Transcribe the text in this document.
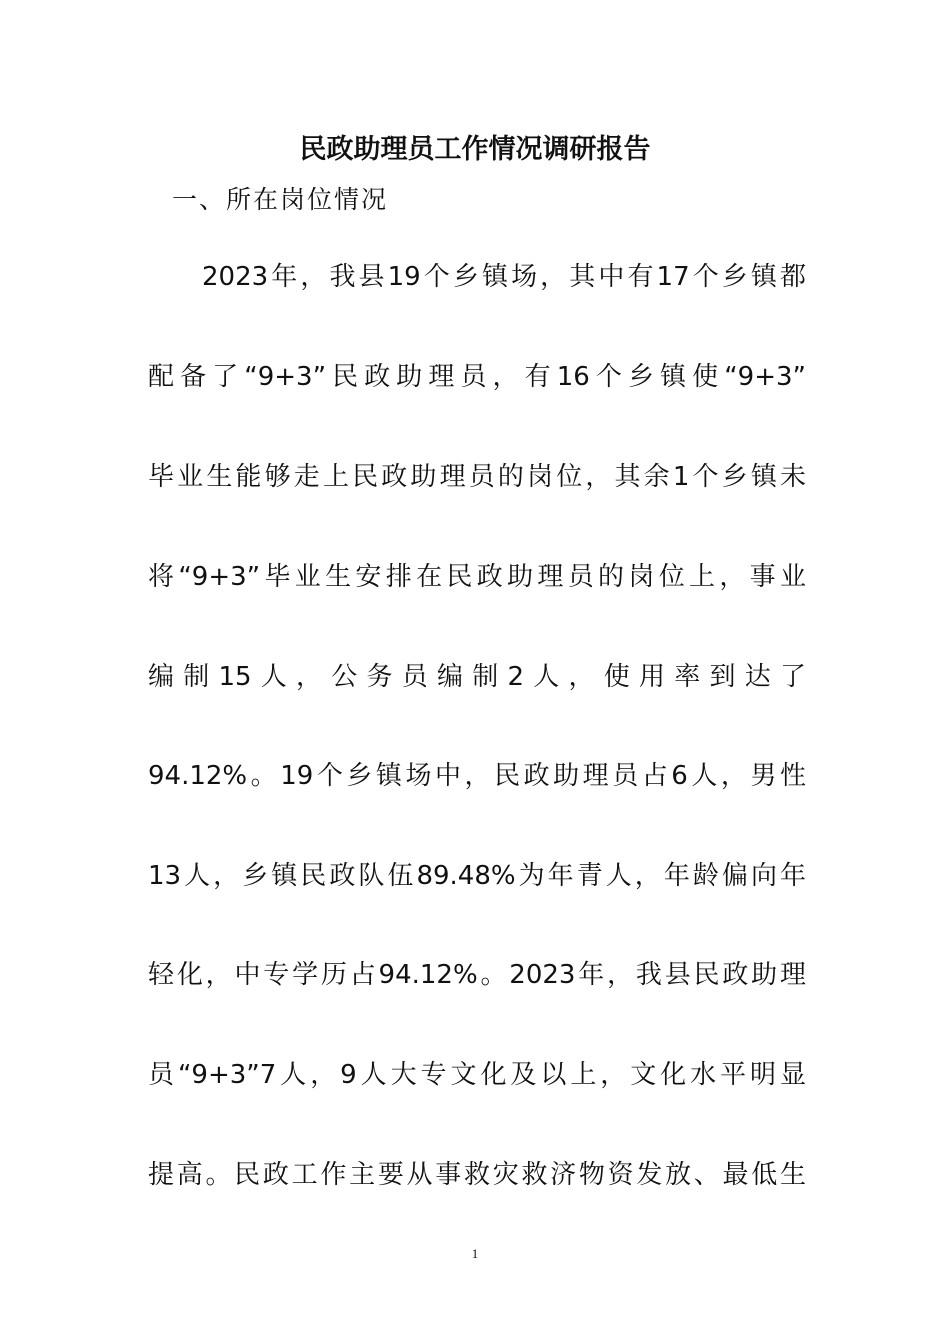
民政助理员工作情况调研报告
一、所在岗位情况
2023年，我县19个乡镇场，其中有17个乡镇都
配备了“9+3”民政助理员，有16个乡镇使“9+3”
毕业生能够走上民政助理员的岗位，其余1个乡镇未
将“9+3”毕业生安排在民政助理员的岗位上，事业
编制15人，公务员编制2人，使用率到达了
94.12%。19个乡镇场中，民政助理员占6人，男性
13人，乡镇民政队伍89.48%为年青人，年龄偏向年
轻化，中专学历占94.12%。2023年，我县民政助理
员“9+3”7人，9人大专文化及以上，文化水平明显
提高。民政工作主要从事救灾救济物资发放、最低生
1
